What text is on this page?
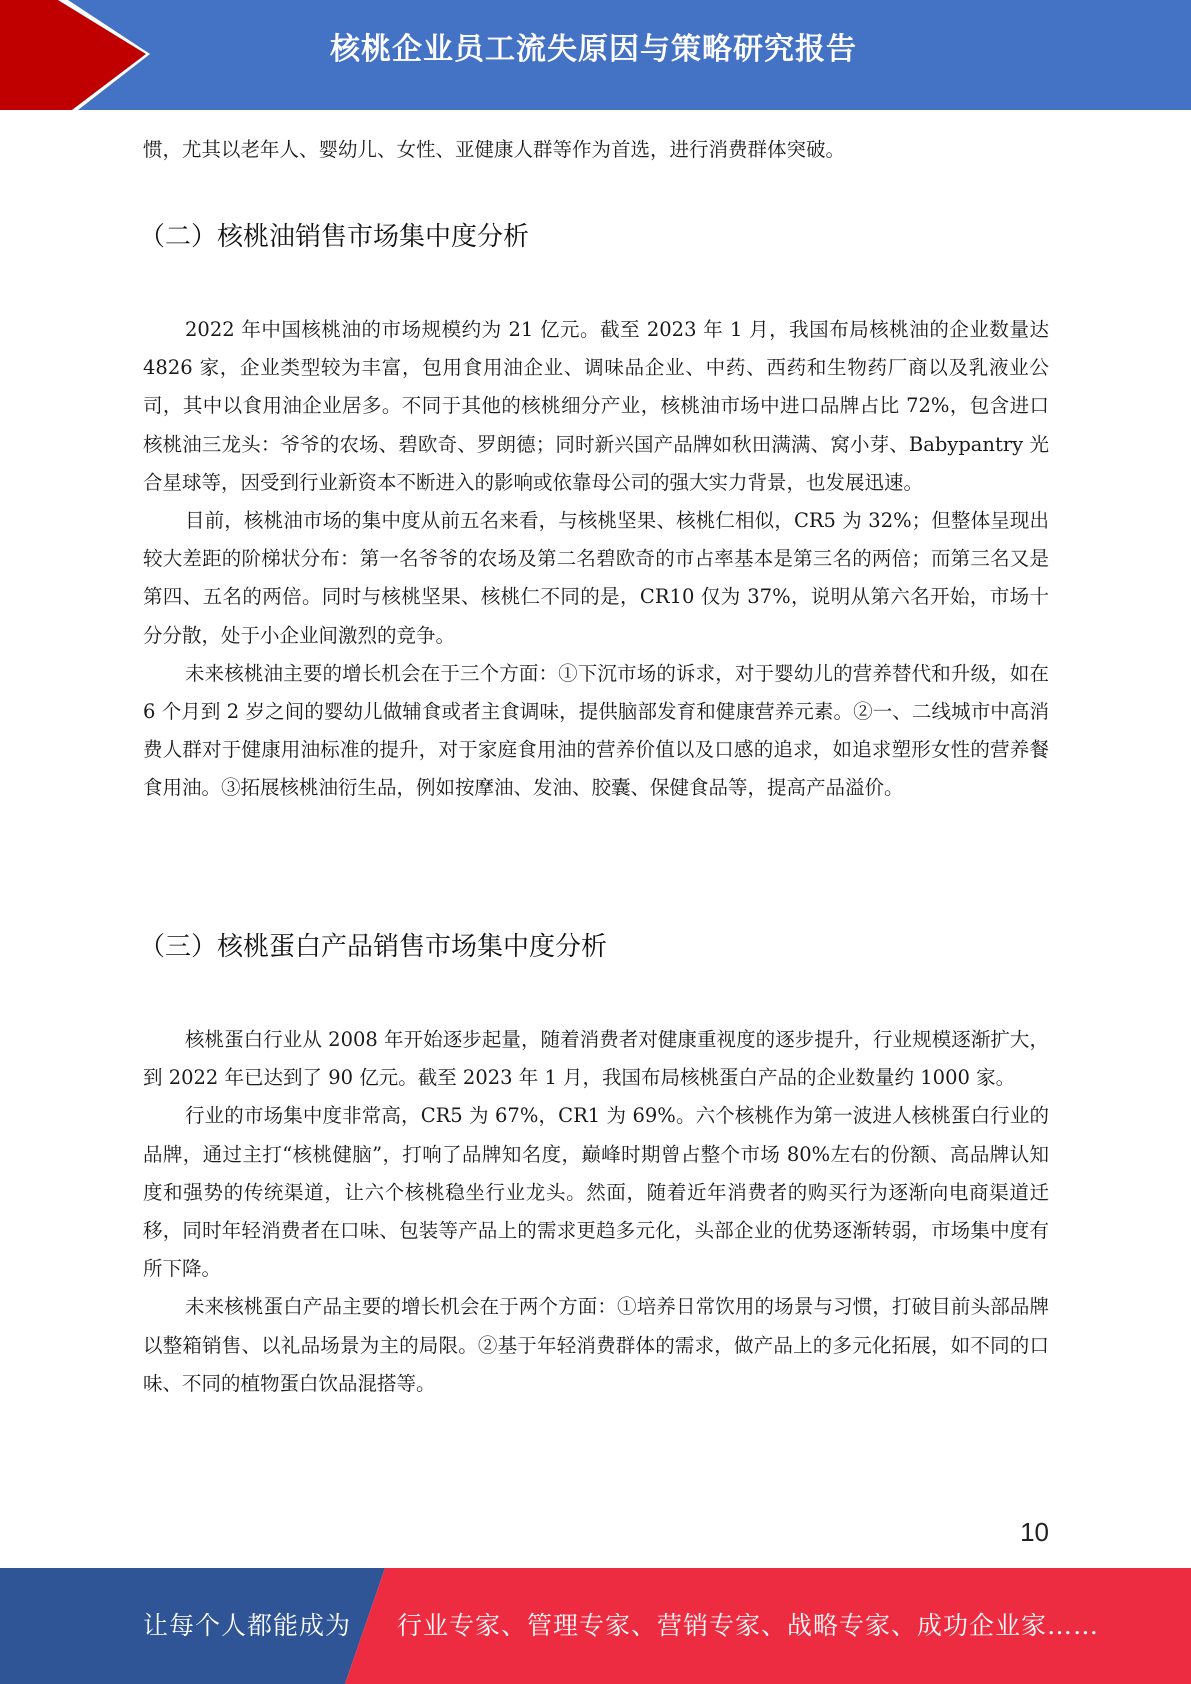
核桃企业员工流失原因与策略研究报告

惯，尤其以老年人、婴幼儿、女性、亚健康人群等作为首选，进行消费群体突破。

（二）核桃油销售市场集中度分析

2022 年中国核桃油的市场规模约为 21 亿元。截至 2023 年 1 月，我国布局核桃油的企业数量达 4826 家，企业类型较为丰富，包用食用油企业、调味品企业、中药、西药和生物药厂商以及乳液业公司，其中以食用油企业居多。不同于其他的核桃细分产业，核桃油市场中进口品牌占比 72%，包含进口核桃油三龙头：爷爷的农场、碧欧奇、罗朗德；同时新兴国产品牌如秋田满满、窝小芽、Babypantry 光合星球等，因受到行业新资本不断进入的影响或依靠母公司的强大实力背景，也发展迅速。

目前，核桃油市场的集中度从前五名来看，与核桃坚果、核桃仁相似，CR5 为 32%；但整体呈现出较大差距的阶梯状分布：第一名爷爷的农场及第二名碧欧奇的市占率基本是第三名的两倍；而第三名又是第四、五名的两倍。同时与核桃坚果、核桃仁不同的是，CR10 仅为 37%，说明从第六名开始，市场十分分散，处于小企业间激烈的竞争。

未来核桃油主要的增长机会在于三个方面：①下沉市场的诉求，对于婴幼儿的营养替代和升级，如在 6 个月到 2 岁之间的婴幼儿做辅食或者主食调味，提供脑部发育和健康营养元素。②一、二线城市中高消费人群对于健康用油标准的提升，对于家庭食用油的营养价值以及口感的追求，如追求塑形女性的营养餐食用油。③拓展核桃油衍生品，例如按摩油、发油、胶囊、保健食品等，提高产品溢价。

（三）核桃蛋白产品销售市场集中度分析

核桃蛋白行业从 2008 年开始逐步起量，随着消费者对健康重视度的逐步提升，行业规模逐渐扩大，到 2022 年已达到了 90 亿元。截至 2023 年 1 月，我国布局核桃蛋白产品的企业数量约 1000 家。

行业的市场集中度非常高，CR5 为 67%，CR1 为 69%。六个核桃作为第一波进人核桃蛋白行业的品牌，通过主打“核桃健脑”，打响了品牌知名度，巅峰时期曾占整个市场 80%左右的份额、高品牌认知度和强势的传统渠道，让六个核桃稳坐行业龙头。然面，随着近年消费者的购买行为逐渐向电商渠道迁移，同时年轻消费者在口味、包装等产品上的需求更趋多元化，头部企业的优势逐渐转弱，市场集中度有所下降。

未来核桃蛋白产品主要的增长机会在于两个方面：①培养日常饮用的场景与习惯，打破目前头部品牌以整箱销售、以礼品场景为主的局限。②基于年轻消费群体的需求，做产品上的多元化拓展，如不同的口味、不同的植物蛋白饮品混搭等。

10
让每个人都能成为 行业专家、管理专家、营销专家、战略专家、成功企业家……
